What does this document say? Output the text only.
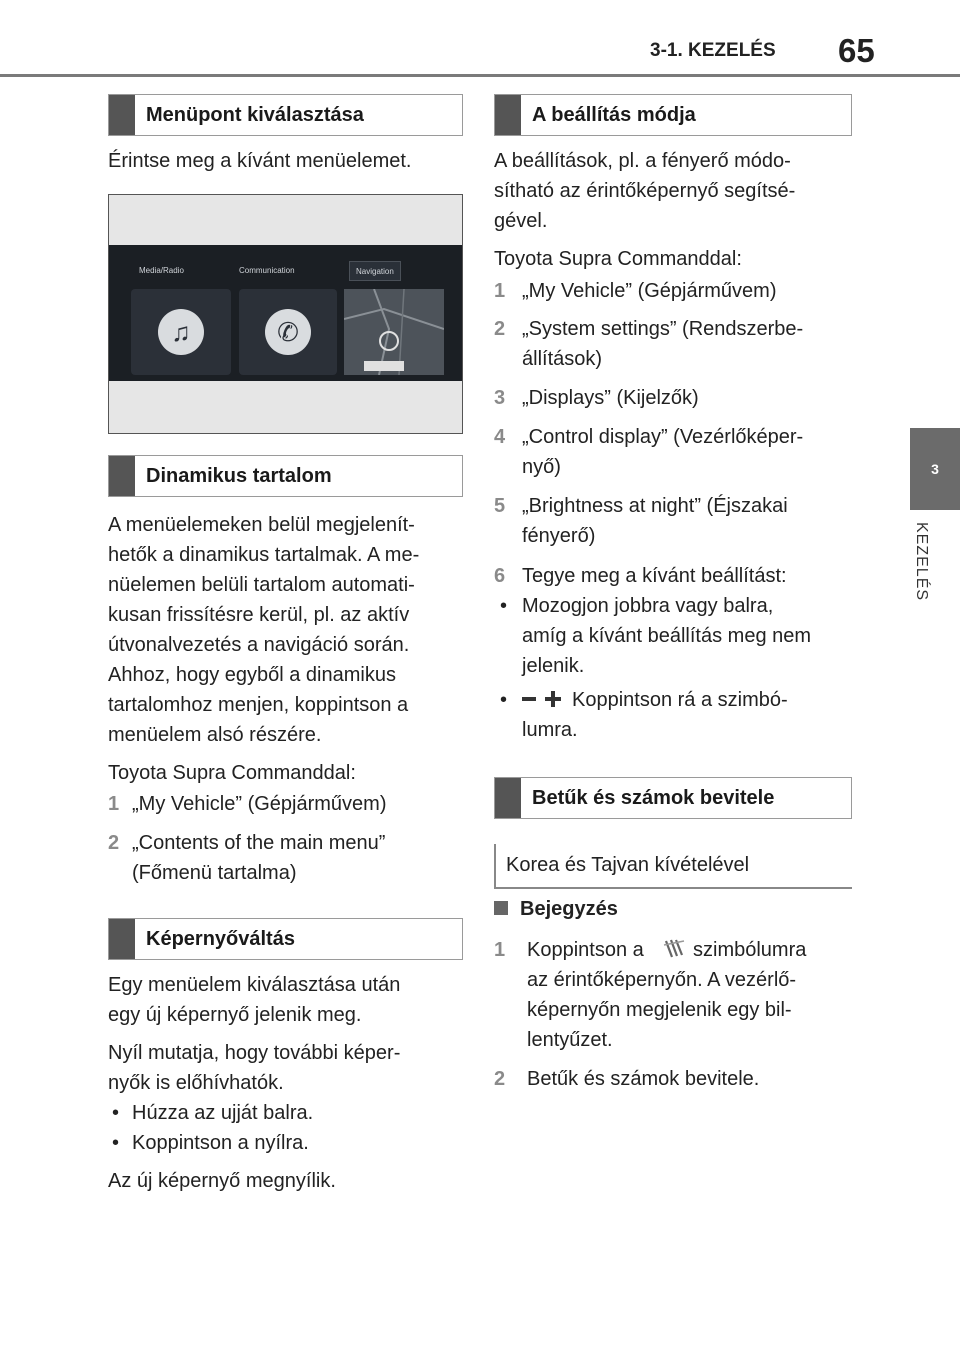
3-1. KEZELÉS 65
3
KEZELÉS
Menüpont kiválasztása

Érintse meg a kívánt menüelemet.

Media/Radio	Communication	Navigation
♫	✆
Dinamikus tartalom

A menüelemeken belül megjelenít-

hetők a dinamikus tartalmak. A me-

nüelemen belüli tartalom automati-

kusan frissítésre kerül, pl. az aktív

útvonalvezetés a navigáció során.

Ahhoz, hogy egyből a dinamikus

tartalomhoz menjen, koppintson a

menüelem alsó részére.

Toyota Supra Commanddal:

1 „My Vehicle” (Gépjárművem)

2 „Contents of the main menu”

(Főmenü tartalma)

Képernyőváltás

Egy menüelem kiválasztása után

egy új képernyő jelenik meg.

Nyíl mutatja, hogy további képer-

nyők is előhívhatók.

• Húzza az ujját balra.

• Koppintson a nyílra.

Az új képernyő megnyílik.

A beállítás módja

A beállítások, pl. a fényerő módo-

sítható az érintőképernyő segítsé-

gével.

Toyota Supra Commanddal:

1 „My Vehicle” (Gépjárművem)

2 „System settings” (Rendszerbe-

állítások)

3 „Displays” (Kijelzők)

4 „Control display” (Vezérlőképer-

nyő)

5 „Brightness at night” (Éjszakai

fényerő)

6 Tegye meg a kívánt beállítást:

• Mozogjon jobbra vagy balra,

amíg a kívánt beállítás meg nem

jelenik.

•	Koppintson rá a szimbó-

lumra.

Betűk és számok bevitele
Korea és Tajvan kívételével
Bejegyzés
1 Koppintson a szimbólumra

az érintőképernyőn. A vezérlő-

képernyőn megjelenik egy bil-

lentyűzet.

2 Betűk és számok bevitele.
